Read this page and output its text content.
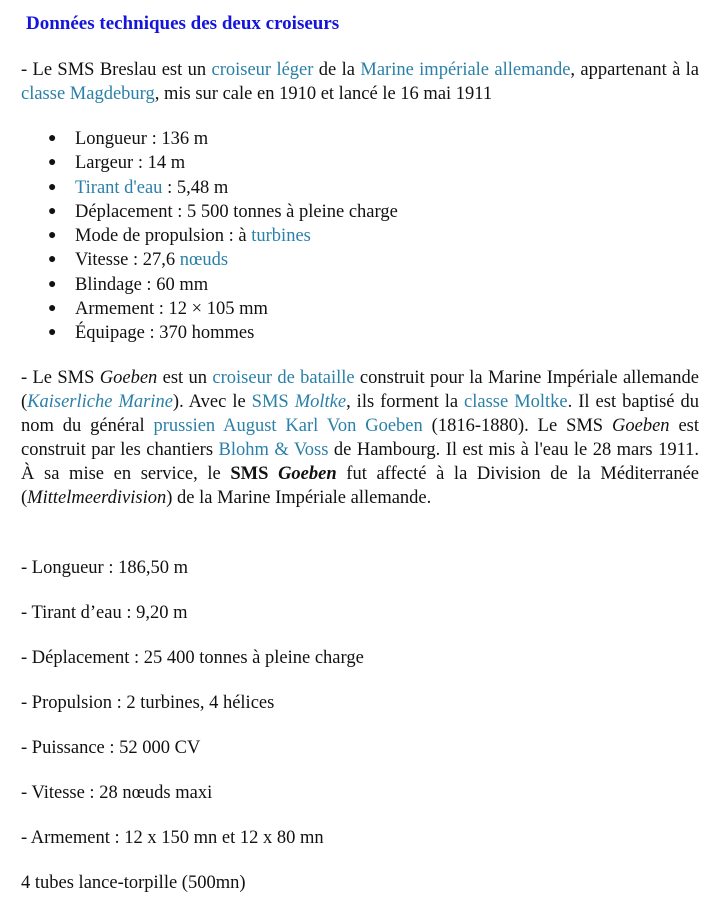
Données techniques des deux croiseurs

- Le SMS Breslau est un croiseur léger de la Marine impériale allemande, appartenant à la classe Magdeburg, mis sur cale en 1910 et lancé le 16 mai 1911

● Longueur : 136 m
● Largeur : 14 m
● Tirant d'eau : 5,48 m
● Déplacement : 5 500 tonnes à pleine charge
● Mode de propulsion : à turbines
● Vitesse : 27,6 nœuds
● Blindage : 60 mm
● Armement : 12 × 105 mm
● Équipage : 370 hommes

- Le SMS Goeben est un croiseur de bataille construit pour la Marine Impériale allemande (Kaiserliche Marine). Avec le SMS Moltke, ils forment la classe Moltke. Il est baptisé du nom du général prussien August Karl Von Goeben (1816-1880). Le SMS Goeben est construit par les chantiers Blohm & Voss de Hambourg. Il est mis à l'eau le 28 mars 1911. À sa mise en service, le SMS Goeben fut affecté à la Division de la Méditerranée (Mittelmeerdivision) de la Marine Impériale allemande.

- Longueur : 186,50 m

- Tirant d’eau : 9,20 m

- Déplacement : 25 400 tonnes à pleine charge

- Propulsion : 2 turbines, 4 hélices

- Puissance : 52 000 CV

- Vitesse : 28 nœuds maxi

- Armement : 12 x 150 mn et 12 x 80 mn

4 tubes lance-torpille (500mn)
